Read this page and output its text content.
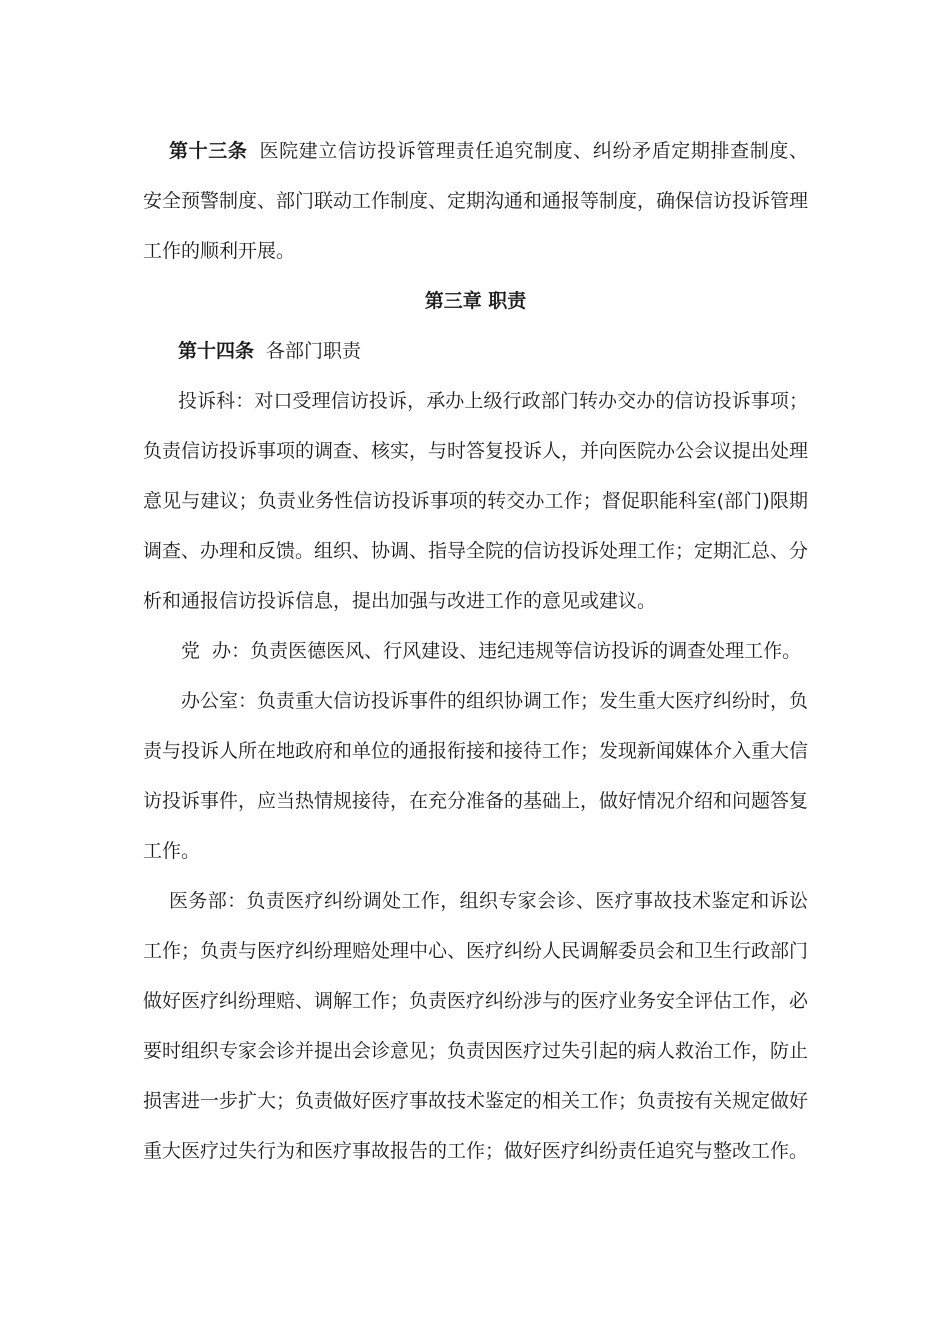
第十三条 医院建立信访投诉管理责任追究制度、纠纷矛盾定期排查制度、安全预警制度、部门联动工作制度、定期沟通和通报等制度，确保信访投诉管理工作的顺利开展。

第三章 职责

第十四条 各部门职责

投诉科：对口受理信访投诉，承办上级行政部门转办交办的信访投诉事项；负责信访投诉事项的调查、核实，与时答复投诉人，并向医院办公会议提出处理意见与建议；负责业务性信访投诉事项的转交办工作；督促职能科室(部门)限期调查、办理和反馈。组织、协调、指导全院的信访投诉处理工作；定期汇总、分析和通报信访投诉信息，提出加强与改进工作的意见或建议。

党  办：负责医德医风、行风建设、违纪违规等信访投诉的调查处理工作。

办公室：负责重大信访投诉事件的组织协调工作；发生重大医疗纠纷时，负责与投诉人所在地政府和单位的通报衔接和接待工作；发现新闻媒体介入重大信访投诉事件，应当热情规接待，在充分准备的基础上，做好情况介绍和问题答复工作。

医务部：负责医疗纠纷调处工作，组织专家会诊、医疗事故技术鉴定和诉讼工作；负责与医疗纠纷理赔处理中心、医疗纠纷人民调解委员会和卫生行政部门做好医疗纠纷理赔、调解工作；负责医疗纠纷涉与的医疗业务安全评估工作，必要时组织专家会诊并提出会诊意见；负责因医疗过失引起的病人救治工作，防止损害进一步扩大；负责做好医疗事故技术鉴定的相关工作；负责按有关规定做好重大医疗过失行为和医疗事故报告的工作；做好医疗纠纷责任追究与整改工作。
